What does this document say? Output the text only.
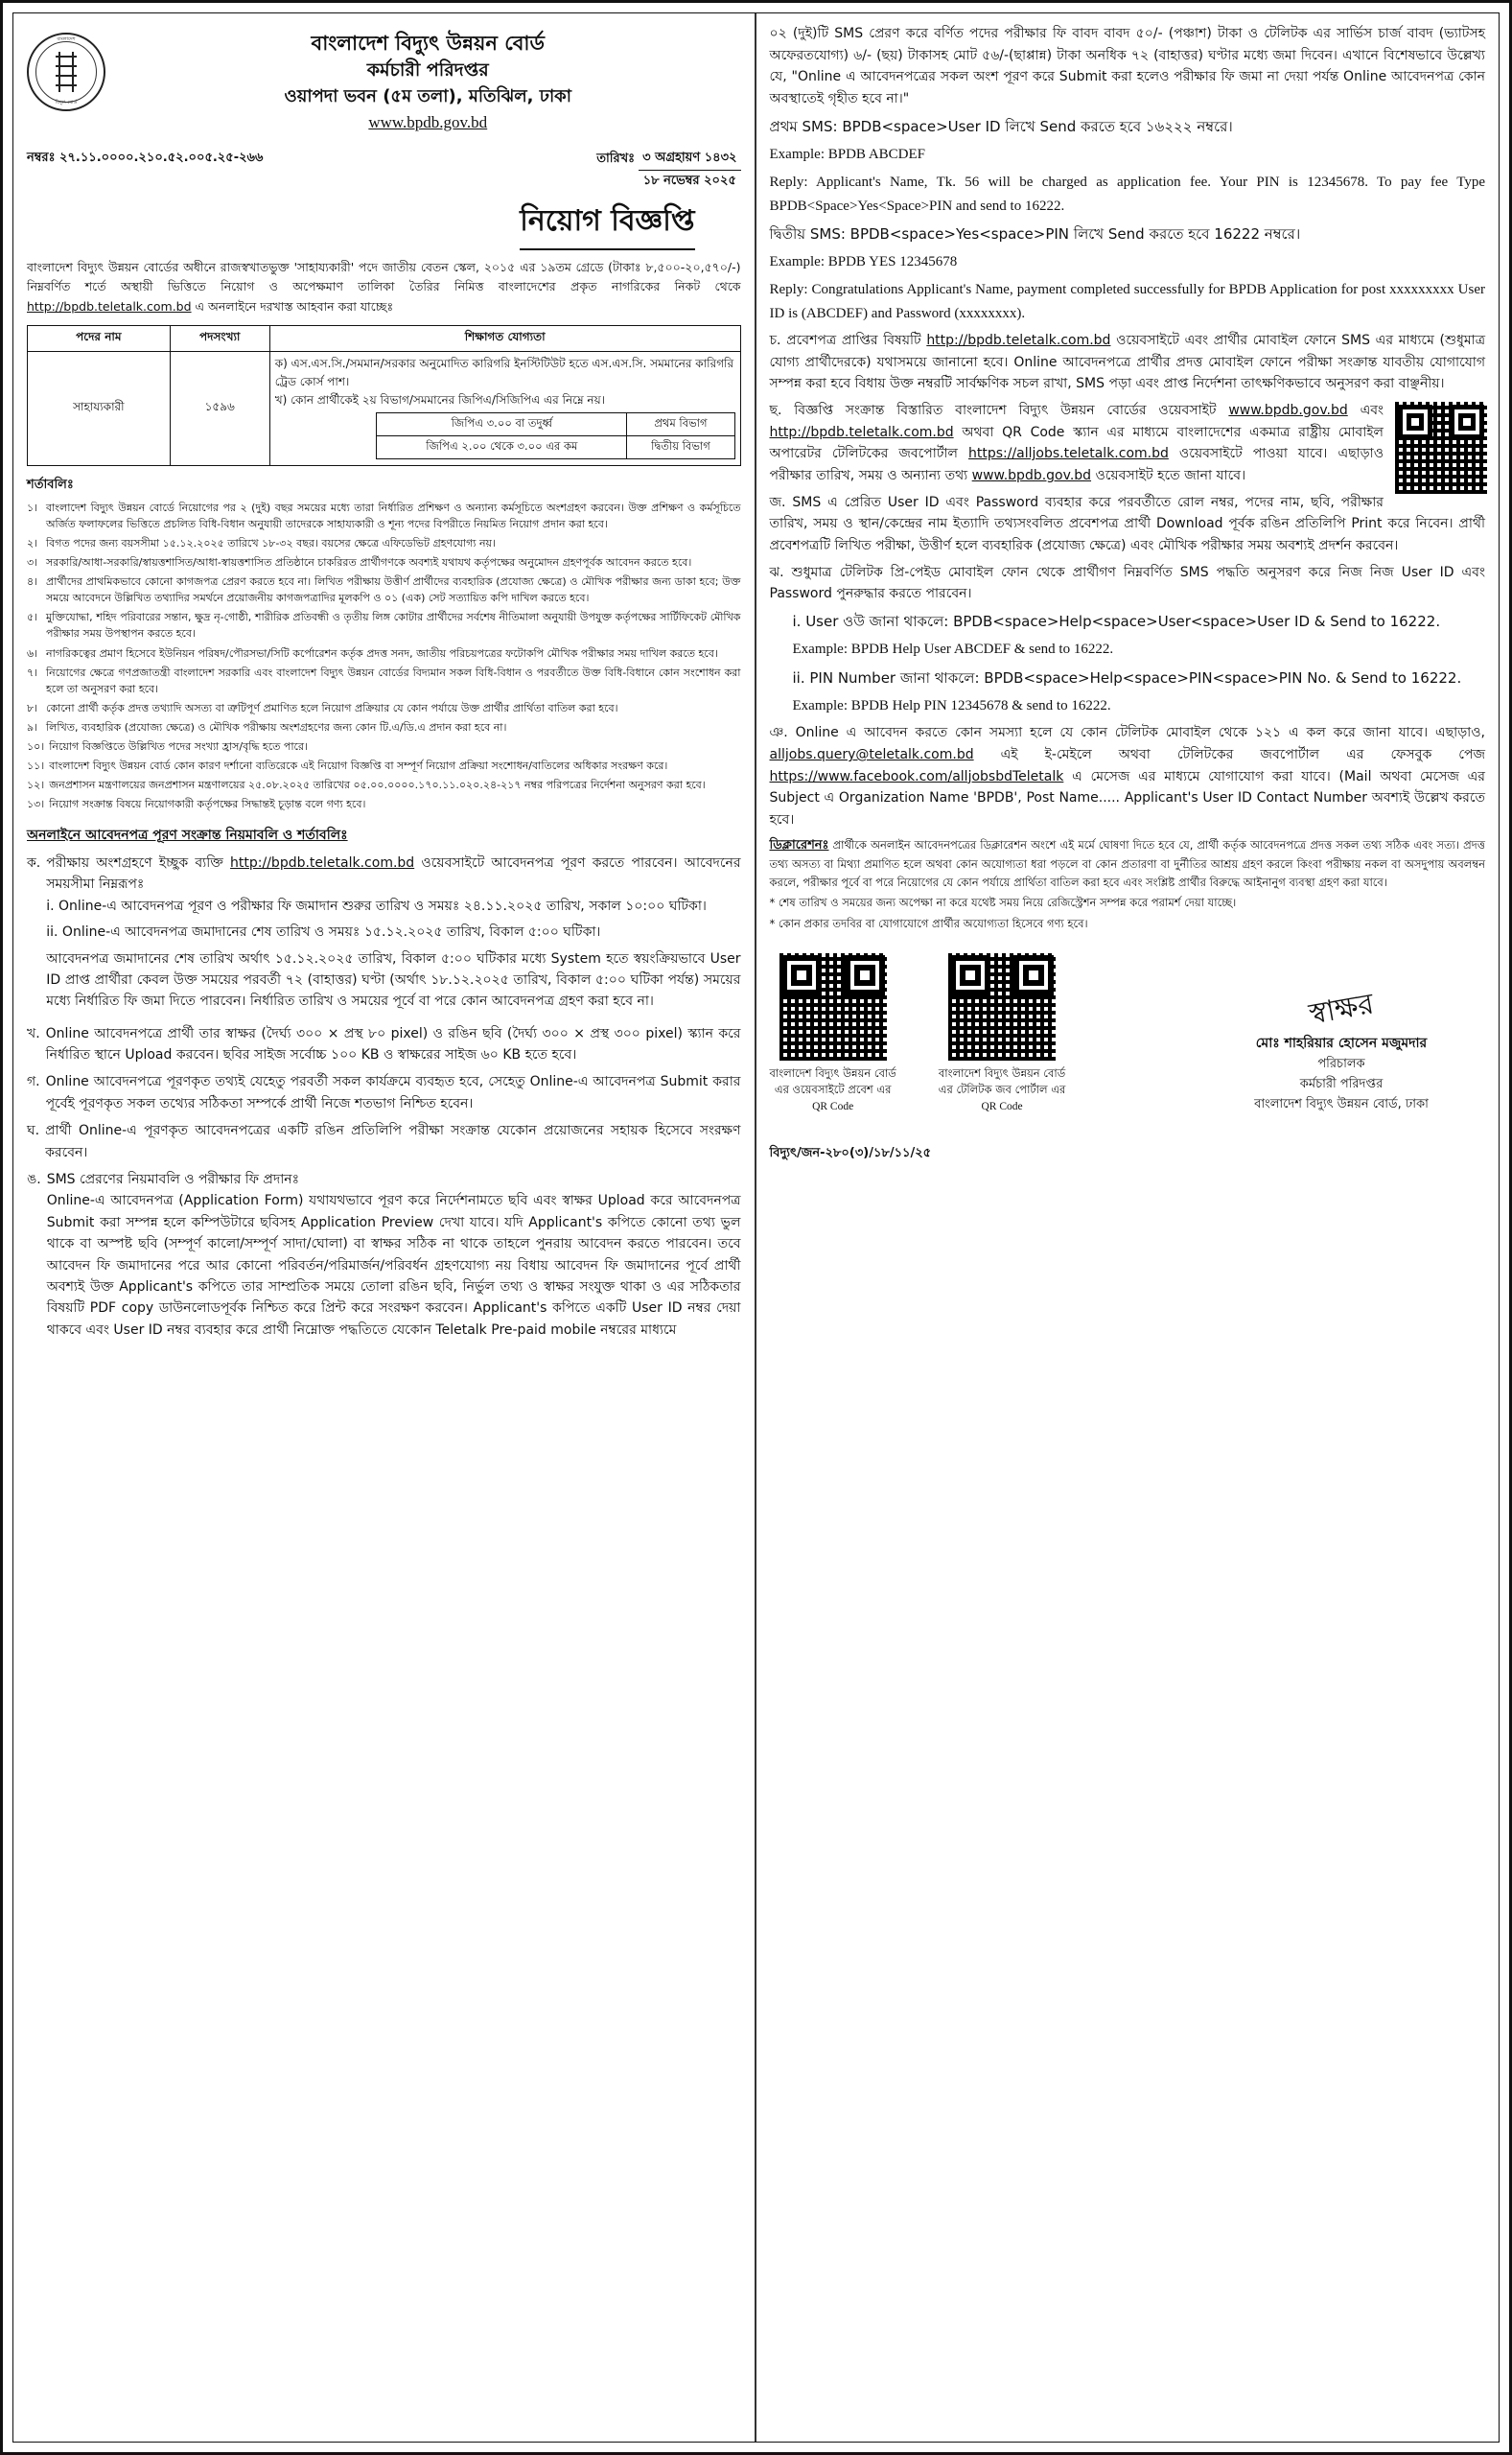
বাংলাদেশ
বিদ্যুৎ বোর্ড
বাংলাদেশ বিদ্যুৎ উন্নয়ন বোর্ড
কর্মচারী পরিদপ্তর
ওয়াপদা ভবন (৫ম তলা), মতিঝিল, ঢাকা
www.bpdb.gov.bd
নম্বরঃ ২৭.১১.০০০০.২১০.৫২.০০৫.২৫-২৬৬	তারিখঃ ৩ অগ্রহায়ণ ১৪৩২
১৮ নভেম্বর ২০২৫
নিয়োগ বিজ্ঞপ্তি
বাংলাদেশ বিদ্যুৎ উন্নয়ন বোর্ডের অধীনে রাজস্বখাতভুক্ত 'সাহায্যকারী' পদে জাতীয় বেতন স্কেল, ২০১৫ এর ১৯তম গ্রেডে (টাকাঃ ৮,৫০০-২০,৫৭০/-) নিম্নবর্ণিত শর্তে অস্থায়ী ভিত্তিতে নিয়োগ ও অপেক্ষমাণ তালিকা তৈরির নিমিত্ত বাংলাদেশের প্রকৃত নাগরিকের নিকট থেকে http://bpdb.teletalk.com.bd এ অনলাইনে দরখাস্ত আহবান করা যাচ্ছেঃ
পদের নাম	পদসংখ্যা	শিক্ষাগত যোগ্যতা
সাহায্যকারী	১৫৯৬	
ক) এস.এস.সি./সমমান/সরকার অনুমোদিত কারিগরি ইনস্টিটিউট হতে এস.এস.সি. সমমানের কারিগরি ট্রেড কোর্স পাশ।
খ) কোন প্রার্থীকেই ২য় বিভাগ/সমমানের জিপিএ/সিজিপিএ এর নিম্নে নয়।
জিপিএ ৩.০০ বা তদুর্ধ্ব	প্রথম বিভাগ
জিপিএ ২.০০ থেকে ৩.০০ এর কম	দ্বিতীয় বিভাগ
শর্তাবলিঃ
১। বাংলাদেশ বিদ্যুৎ উন্নয়ন বোর্ডে নিয়োগের পর ২ (দুই) বছর সময়ের মধ্যে তারা নির্ধারিত প্রশিক্ষণ ও অন্যান্য কর্মসূচিতে অংশগ্রহণ করবেন। উক্ত প্রশিক্ষণ ও কর্মসূচিতে অর্জিত ফলাফলের ভিত্তিতে প্রচলিত বিধি-বিধান অনুযায়ী তাদেরকে সাহায্যকারী ও শূন্য পদের বিপরীতে নিয়মিত নিয়োগ প্রদান করা হবে।
২। বিগত পদের জন্য বয়সসীমা ১৫.১২.২০২৫ তারিখে ১৮-৩২ বছর। বয়সের ক্ষেত্রে এফিডেভিট গ্রহণযোগ্য নয়।
৩। সরকারি/আধা-সরকারি/স্বায়ত্তশাসিত/আধা-স্বায়ত্তশাসিত প্রতিষ্ঠানে চাকরিরত প্রার্থীগণকে অবশ্যই যথাযথ কর্তৃপক্ষের অনুমোদন গ্রহণপূর্বক আবেদন করতে হবে।
৪। প্রার্থীদের প্রাথমিকভাবে কোনো কাগজপত্র প্রেরণ করতে হবে না। লিখিত পরীক্ষায় উত্তীর্ণ প্রার্থীদের ব্যবহারিক (প্রযোজ্য ক্ষেত্রে) ও মৌখিক পরীক্ষার জন্য ডাকা হবে; উক্ত সময়ে আবেদনে উল্লিখিত তথ্যাদির সমর্থনে প্রয়োজনীয় কাগজপত্রাদির মূলকপি ও ০১ (এক) সেট সত্যায়িত কপি দাখিল করতে হবে।
৫। মুক্তিযোদ্ধা, শহিদ পরিবারের সন্তান, ক্ষুদ্র নৃ-গোষ্ঠী, শারীরিক প্রতিবন্ধী ও তৃতীয় লিঙ্গ কোটার প্রার্থীদের সর্বশেষ নীতিমালা অনুযায়ী উপযুক্ত কর্তৃপক্ষের সার্টিফিকেট মৌখিক পরীক্ষার সময় উপস্থাপন করতে হবে।
৬। নাগরিকত্বের প্রমাণ হিসেবে ইউনিয়ন পরিষদ/পৌরসভা/সিটি কর্পোরেশন কর্তৃক প্রদত্ত সনদ, জাতীয় পরিচয়পত্রের ফটোকপি মৌখিক পরীক্ষার সময় দাখিল করতে হবে।
৭। নিয়োগের ক্ষেত্রে গণপ্রজাতন্ত্রী বাংলাদেশ সরকারি এবং বাংলাদেশ বিদ্যুৎ উন্নয়ন বোর্ডের বিদ্যমান সকল বিধি-বিধান ও পরবর্তীতে উক্ত বিধি-বিধানে কোন সংশোধন করা হলে তা অনুসরণ করা হবে।
৮। কোনো প্রার্থী কর্তৃক প্রদত্ত তথ্যাদি অসত্য বা ত্রুটিপূর্ণ প্রমাণিত হলে নিয়োগ প্রক্রিয়ার যে কোন পর্যায়ে উক্ত প্রার্থীর প্রার্থিতা বাতিল করা হবে।
৯। লিখিত, ব্যবহারিক (প্রযোজ্য ক্ষেত্রে) ও মৌখিক পরীক্ষায় অংশগ্রহণের জন্য কোন টি.এ/ডি.এ প্রদান করা হবে না।
১০। নিয়োগ বিজ্ঞপ্তিতে উল্লিখিত পদের সংখ্যা হ্রাস/বৃদ্ধি হতে পারে।
১১। বাংলাদেশ বিদ্যুৎ উন্নয়ন বোর্ড কোন কারণ দর্শানো ব্যতিরেকে এই নিয়োগ বিজ্ঞপ্তি বা সম্পূর্ণ নিয়োগ প্রক্রিয়া সংশোধন/বাতিলের অধিকার সংরক্ষণ করে।
১২। জনপ্রশাসন মন্ত্রণালয়ের জনপ্রশাসন মন্ত্রণালয়ের ২৫.০৮.২০২৫ তারিখের ০৫.০০.০০০০.১৭০.১১.০২০.২৪-২১৭ নম্বর পরিপত্রের নির্দেশনা অনুসরণ করা হবে।
১৩। নিয়োগ সংক্রান্ত বিষয়ে নিয়োগকারী কর্তৃপক্ষের সিদ্ধান্তই চূড়ান্ত বলে গণ্য হবে।
অনলাইনে আবেদনপত্র পূরণ সংক্রান্ত নিয়মাবলি ও শর্তাবলিঃ
ক. পরীক্ষায় অংশগ্রহণে ইচ্ছুক ব্যক্তি http://bpdb.teletalk.com.bd ওয়েবসাইটে আবেদনপত্র পূরণ করতে পারবেন। আবেদনের সময়সীমা নিম্নরূপঃ

i. Online-এ আবেদনপত্র পূরণ ও পরীক্ষার ফি জমাদান শুরুর তারিখ ও সময়ঃ ২৪.১১.২০২৫ তারিখ, সকাল ১০:০০ ঘটিকা।

ii. Online-এ আবেদনপত্র জমাদানের শেষ তারিখ ও সময়ঃ ১৫.১২.২০২৫ তারিখ, বিকাল ৫:০০ ঘটিকা।

আবেদনপত্র জমাদানের শেষ তারিখ অর্থাৎ ১৫.১২.২০২৫ তারিখ, বিকাল ৫:০০ ঘটিকার মধ্যে System হতে স্বয়ংক্রিয়ভাবে User ID প্রাপ্ত প্রার্থীরা কেবল উক্ত সময়ের পরবর্তী ৭২ (বাহাত্তর) ঘণ্টা (অর্থাৎ ১৮.১২.২০২৫ তারিখ, বিকাল ৫:০০ ঘটিকা পর্যন্ত) সময়ের মধ্যে নির্ধারিত ফি জমা দিতে পারবেন। নির্ধারিত তারিখ ও সময়ের পূর্বে বা পরে কোন আবেদনপত্র গ্রহণ করা হবে না।

খ. Online আবেদনপত্রে প্রার্থী তার স্বাক্ষর (দৈর্ঘ্য ৩০০ × প্রস্থ ৮০ pixel) ও রঙিন ছবি (দৈর্ঘ্য ৩০০ × প্রস্থ ৩০০ pixel) স্ক্যান করে নির্ধারিত স্থানে Upload করবেন। ছবির সাইজ সর্বোচ্চ ১০০ KB ও স্বাক্ষরের সাইজ ৬০ KB হতে হবে।
গ. Online আবেদনপত্রে পূরণকৃত তথ্যই যেহেতু পরবর্তী সকল কার্যক্রমে ব্যবহৃত হবে, সেহেতু Online-এ আবেদনপত্র Submit করার পূর্বেই পূরণকৃত সকল তথ্যের সঠিকতা সম্পর্কে প্রার্থী নিজে শতভাগ নিশ্চিত হবেন।
ঘ. প্রার্থী Online-এ পূরণকৃত আবেদনপত্রের একটি রঙিন প্রতিলিপি পরীক্ষা সংক্রান্ত যেকোন প্রয়োজনের সহায়ক হিসেবে সংরক্ষণ করবেন।
ঙ. SMS প্রেরণের নিয়মাবলি ও পরীক্ষার ফি প্রদানঃ

Online-এ আবেদনপত্র (Application Form) যথাযথভাবে পূরণ করে নির্দেশনামতে ছবি এবং স্বাক্ষর Upload করে আবেদনপত্র Submit করা সম্পন্ন হলে কম্পিউটারে ছবিসহ Application Preview দেখা যাবে। যদি Applicant's কপিতে কোনো তথ্য ভুল থাকে বা অস্পষ্ট ছবি (সম্পূর্ণ কালো/সম্পূর্ণ সাদা/ঘোলা) বা স্বাক্ষর সঠিক না থাকে তাহলে পুনরায় আবেদন করতে পারবেন। তবে আবেদন ফি জমাদানের পরে আর কোনো পরিবর্তন/পরিমার্জন/পরিবর্ধন গ্রহণযোগ্য নয় বিধায় আবেদন ফি জমাদানের পূর্বে প্রার্থী অবশ্যই উক্ত Applicant's কপিতে তার সাম্প্রতিক সময়ে তোলা রঙিন ছবি, নির্ভুল তথ্য ও স্বাক্ষর সংযুক্ত থাকা ও এর সঠিকতার বিষয়টি PDF copy ডাউনলোডপূর্বক নিশ্চিত করে প্রিন্ট করে সংরক্ষণ করবেন। Applicant's কপিতে একটি User ID নম্বর দেয়া থাকবে এবং User ID নম্বর ব্যবহার করে প্রার্থী নিম্নোক্ত পদ্ধতিতে যেকোন Teletalk Pre-paid mobile নম্বরের মাধ্যমে

০২ (দুই)টি SMS প্রেরণ করে বর্ণিত পদের পরীক্ষার ফি বাবদ বাবদ ৫০/- (পঞ্চাশ) টাকা ও টেলিটক এর সার্ভিস চার্জ বাবদ (ভ্যাটসহ অফেরতযোগ্য) ৬/- (ছয়) টাকাসহ মোট ৫৬/-(ছাপ্পান্ন) টাকা অনধিক ৭২ (বাহাত্তর) ঘণ্টার মধ্যে জমা দিবেন। এখানে বিশেষভাবে উল্লেখ্য যে, "Online এ আবেদনপত্রের সকল অংশ পূরণ করে Submit করা হলেও পরীক্ষার ফি জমা না দেয়া পর্যন্ত Online আবেদনপত্র কোন অবস্থাতেই গৃহীত হবে না।"

প্রথম SMS: BPDB<space>User ID লিখে Send করতে হবে ১৬২২২ নম্বরে।

Example: BPDB ABCDEF

Reply: Applicant's Name, Tk. 56 will be charged as application fee. Your PIN is 12345678. To pay fee Type BPDB<Space>Yes<Space>PIN and send to 16222.

দ্বিতীয় SMS: BPDB<space>Yes<space>PIN লিখে Send করতে হবে 16222 নম্বরে।

Example: BPDB YES 12345678

Reply: Congratulations Applicant's Name, payment completed successfully for BPDB Application for post xxxxxxxxx User ID is (ABCDEF) and Password (xxxxxxxx).

চ. প্রবেশপত্র প্রাপ্তির বিষয়টি http://bpdb.teletalk.com.bd ওয়েবসাইটে এবং প্রার্থীর মোবাইল ফোনে SMS এর মাধ্যমে (শুধুমাত্র যোগ্য প্রার্থীদেরকে) যথাসময়ে জানানো হবে। Online আবেদনপত্রে প্রার্থীর প্রদত্ত মোবাইল ফোনে পরীক্ষা সংক্রান্ত যাবতীয় যোগাযোগ সম্পন্ন করা হবে বিধায় উক্ত নম্বরটি সার্বক্ষণিক সচল রাখা, SMS পড়া এবং প্রাপ্ত নির্দেশনা তাৎক্ষণিকভাবে অনুসরণ করা বাঞ্ছনীয়।

ছ. বিজ্ঞপ্তি সংক্রান্ত বিস্তারিত বাংলাদেশ বিদ্যুৎ উন্নয়ন বোর্ডের ওয়েবসাইট www.bpdb.gov.bd এবং http://bpdb.teletalk.com.bd অথবা QR Code স্ক্যান এর মাধ্যমে বাংলাদেশের একমাত্র রাষ্ট্রীয় মোবাইল অপারেটর টেলিটকের জবপোর্টাল https://alljobs.teletalk.com.bd ওয়েবসাইটে পাওয়া যাবে। এছাড়াও পরীক্ষার তারিখ, সময় ও অন্যান্য তথ্য www.bpdb.gov.bd ওয়েবসাইট হতে জানা যাবে।

জ. SMS এ প্রেরিত User ID এবং Password ব্যবহার করে পরবর্তীতে রোল নম্বর, পদের নাম, ছবি, পরীক্ষার তারিখ, সময় ও স্থান/কেন্দ্রের নাম ইত্যাদি তথ্যসংবলিত প্রবেশপত্র প্রার্থী Download পূর্বক রঙিন প্রতিলিপি Print করে নিবেন। প্রার্থী প্রবেশপত্রটি লিখিত পরীক্ষা, উত্তীর্ণ হলে ব্যবহারিক (প্রযোজ্য ক্ষেত্রে) এবং মৌখিক পরীক্ষার সময় অবশ্যই প্রদর্শন করবেন।

ঝ. শুধুমাত্র টেলিটক প্রি-পেইড মোবাইল ফোন থেকে প্রার্থীগণ নিম্নবর্ণিত SMS পদ্ধতি অনুসরণ করে নিজ নিজ User ID এবং Password পুনরুদ্ধার করতে পারবেন।

i. User ওউ জানা থাকলে: BPDB<space>Help<space>User<space>User ID & Send to 16222.

Example: BPDB Help User ABCDEF & send to 16222.

ii. PIN Number জানা থাকলে: BPDB<space>Help<space>PIN<space>PIN No. & Send to 16222.

Example: BPDB Help PIN 12345678 & send to 16222.

ঞ. Online এ আবেদন করতে কোন সমস্যা হলে যে কোন টেলিটক মোবাইল থেকে ১২১ এ কল করে জানা যাবে। এছাড়াও, alljobs.query@teletalk.com.bd এই ই-মেইলে অথবা টেলিটকের জবপোর্টাল এর ফেসবুক পেজ https://www.facebook.com/alljobsbdTeletalk এ মেসেজ এর মাধ্যমে যোগাযোগ করা যাবে। (Mail অথবা মেসেজ এর Subject এ Organization Name 'BPDB', Post Name..... Applicant's User ID Contact Number অবশ্যই উল্লেখ করতে হবে।

ডিক্লারেশনঃ প্রার্থীকে অনলাইন আবেদনপত্রের ডিক্লারেশন অংশে এই মর্মে ঘোষণা দিতে হবে যে, প্রার্থী কর্তৃক আবেদনপত্রে প্রদত্ত সকল তথ্য সঠিক এবং সত্য। প্রদত্ত তথ্য অসত্য বা মিথ্যা প্রমাণিত হলে অথবা কোন অযোগ্যতা ধরা পড়লে বা কোন প্রতারণা বা দুর্নীতির আশ্রয় গ্রহণ করলে কিংবা পরীক্ষায় নকল বা অসদুপায় অবলম্বন করলে, পরীক্ষার পূর্বে বা পরে নিয়োগের যে কোন পর্যায়ে প্রার্থিতা বাতিল করা হবে এবং সংশ্লিষ্ট প্রার্থীর বিরুদ্ধে আইনানুগ ব্যবস্থা গ্রহণ করা যাবে।

* শেষ তারিখ ও সময়ের জন্য অপেক্ষা না করে যথেষ্ট সময় নিয়ে রেজিস্ট্রেশন সম্পন্ন করে পরামর্শ দেয়া যাচ্ছে।

* কোন প্রকার তদবির বা যোগাযোগে প্রার্থীর অযোগ্যতা হিসেবে গণ্য হবে।

বাংলাদেশ বিদ্যুৎ উন্নয়ন বোর্ড
এর ওয়েবসাইটে প্রবেশ এর
QR Code
বাংলাদেশ বিদ্যুৎ উন্নয়ন বোর্ড
এর টেলিটক জব পোর্টাল এর
QR Code
স্বাক্ষর
মোঃ শাহরিয়ার হোসেন মজুমদার
পরিচালক
কর্মচারী পরিদপ্তর
বাংলাদেশ বিদ্যুৎ উন্নয়ন বোর্ড, ঢাকা
বিদ্যুৎ/জন-২৮০(৩)/১৮/১১/২৫
